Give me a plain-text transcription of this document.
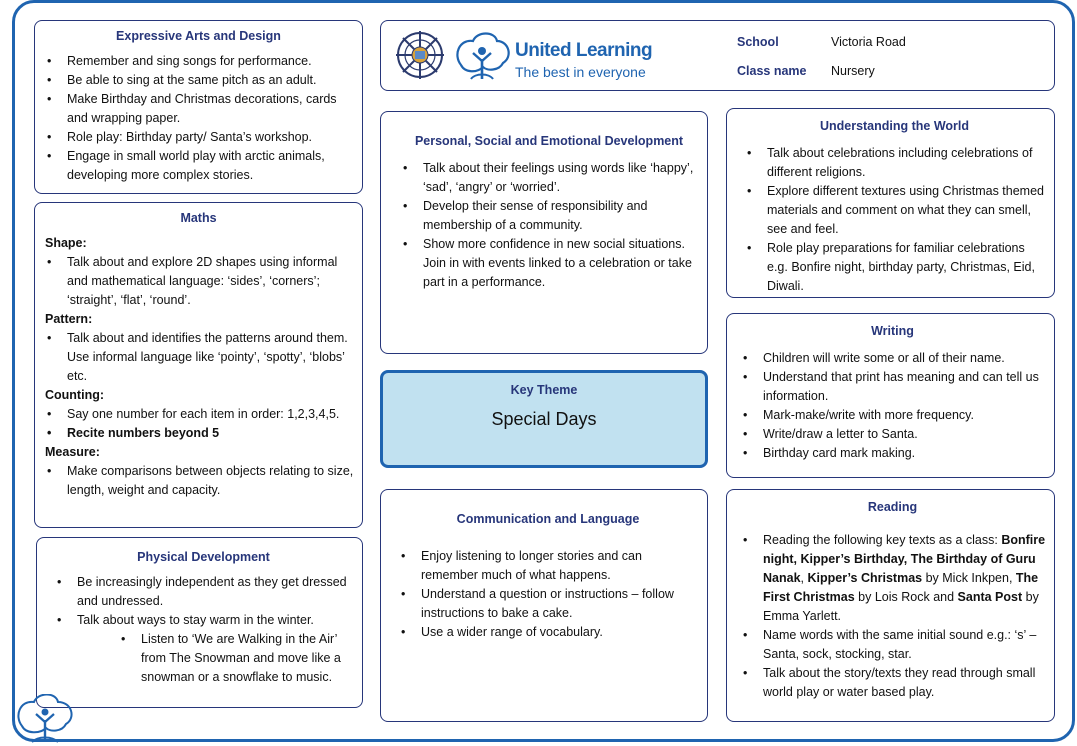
Expressive Arts and Design
• Remember and sing songs for performance.
• Be able to sing at the same pitch as an adult.
• Make Birthday and Christmas decorations, cards and wrapping paper.
• Role play: Birthday party/ Santa’s workshop.
• Engage in small world play with arctic animals, developing more complex stories.
Maths
Shape:
• Talk about and explore 2D shapes using informal and mathematical language: ‘sides’, ‘corners’; ‘straight’, ‘flat’, ‘round’.
Pattern:
• Talk about and identifies the patterns around them. Use informal language like ‘pointy’, ‘spotty’, ‘blobs’ etc.
Counting:
• Say one number for each item in order: 1,2,3,4,5.
• Recite numbers beyond 5
Measure:
• Make comparisons between objects relating to size, length, weight and capacity.
Physical Development
• Be increasingly independent as they get dressed and undressed.
• Talk about ways to stay warm in the winter.
• Listen to ‘We are Walking in the Air’ from The Snowman and move like a snowman or a snowflake to music.
United Learning
The best in everyone
School	Victoria Road
Class name Nursery
Personal, Social and Emotional Development
• Talk about their feelings using words like ‘happy’, ‘sad’, ‘angry’ or ‘worried’.
• Develop their sense of responsibility and membership of a community.
• Show more confidence in new social situations. Join in with events linked to a celebration or take part in a performance.
Key Theme
Special Days
Communication and Language
• Enjoy listening to longer stories and can remember much of what happens.
• Understand a question or instructions – follow instructions to bake a cake.
• Use a wider range of vocabulary.
Understanding the World
• Talk about celebrations including celebrations of different religions.
• Explore different textures using Christmas themed materials and comment on what they can smell, see and feel.
• Role play preparations for familiar celebrations e.g. Bonfire night, birthday party, Christmas, Eid, Diwali.
Writing
• Children will write some or all of their name.
• Understand that print has meaning and can tell us information.
• Mark-make/write with more frequency.
• Write/draw a letter to Santa.
• Birthday card mark making.
Reading
• Reading the following key texts as a class: Bonfire night, Kipper’s Birthday, The Birthday of Guru Nanak, Kipper’s Christmas by Mick Inkpen, The First Christmas by Lois Rock and Santa Post by Emma Yarlett.
• Name words with the same initial sound e.g.: ‘s’ – Santa, sock, stocking, star.
• Talk about the story/texts they read through small world play or water based play.
